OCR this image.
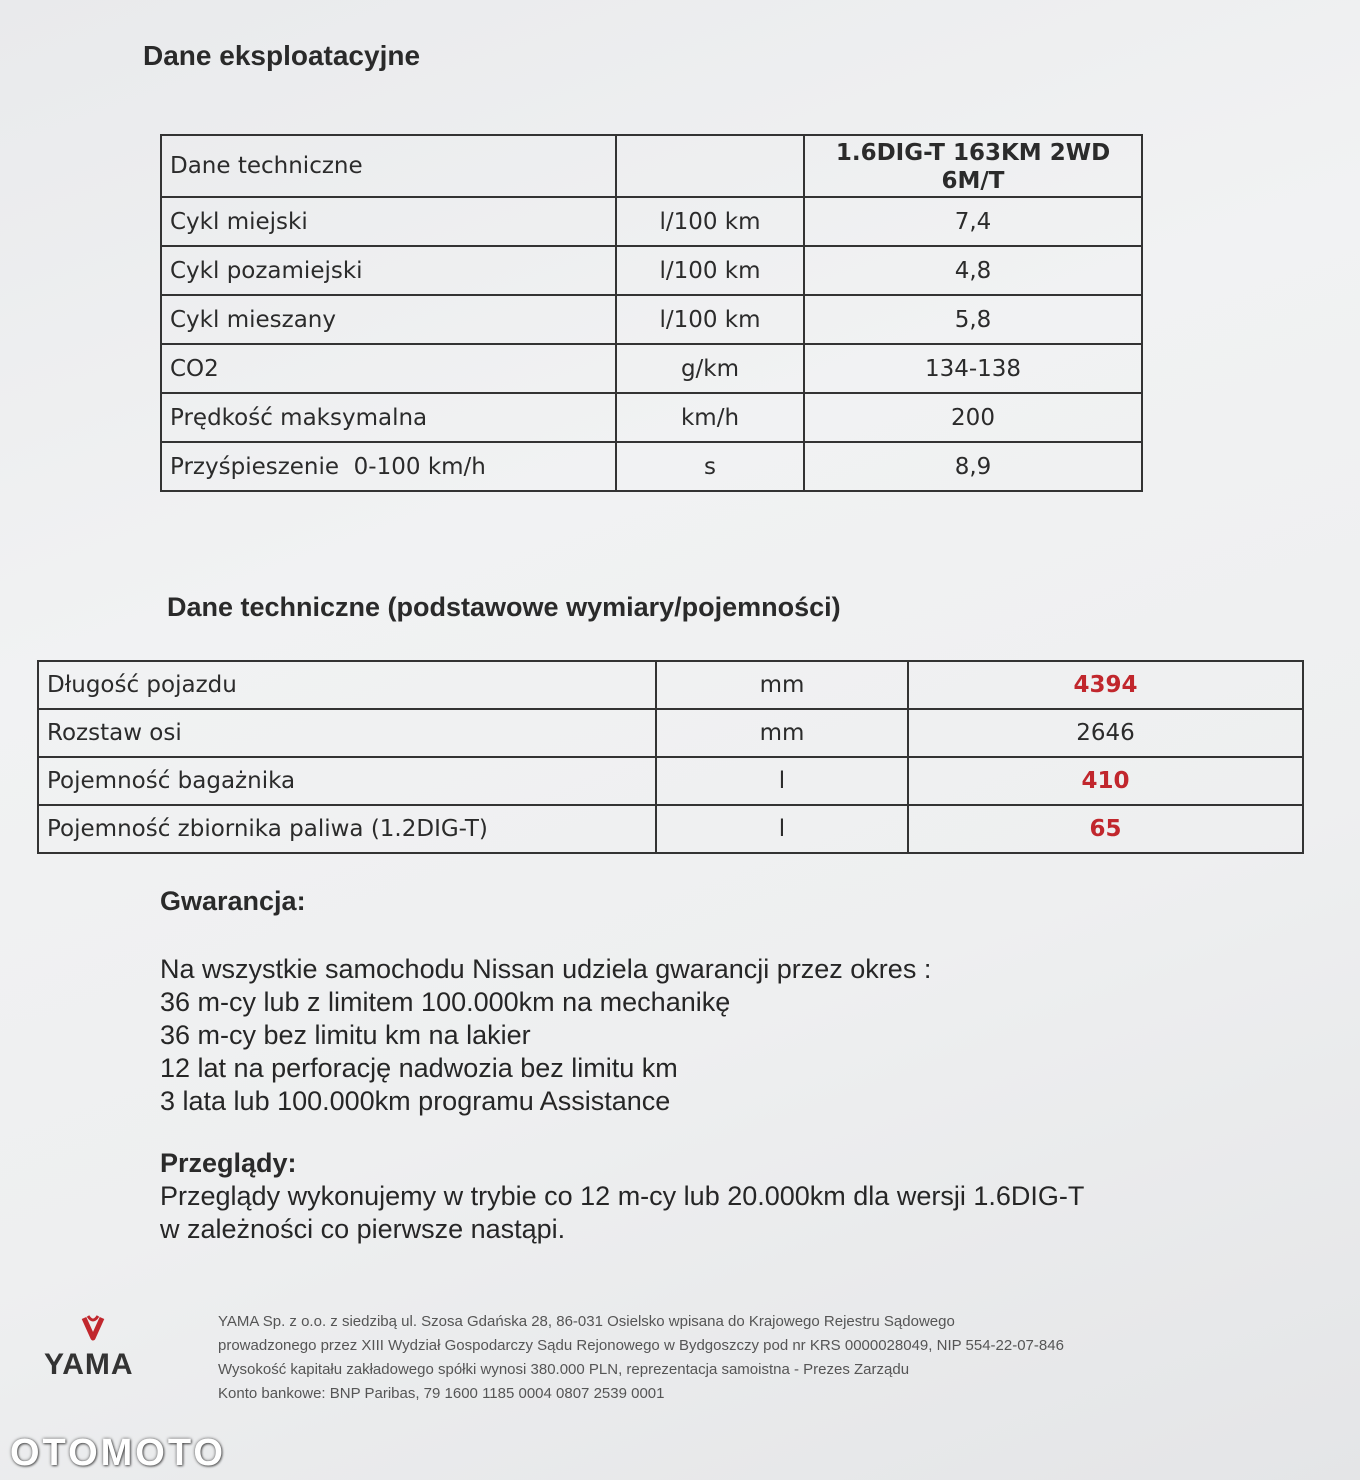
Dane eksploatacyjne
Dane techniczne		1.6DIG-T 163KM 2WD
6M/T

Cykl miejski	l/100 km	7,4
Cykl pozamiejski	l/100 km	4,8
Cykl mieszany	l/100 km	5,8
CO2	g/km	134-138
Prędkość maksymalna	km/h	200
Przyśpieszenie  0-100 km/h	s	8,9
Dane techniczne (podstawowe wymiary/pojemności)
Długość pojazdu	mm	4394
Rozstaw osi	mm	2646
Pojemność bagażnika	l	410
Pojemność zbiornika paliwa (1.2DIG-T)	l	65
Gwarancja:
Na wszystkie samochodu Nissan udziela gwarancji przez okres :
36 m-cy lub z limitem 100.000km na mechanikę
36 m-cy bez limitu km na lakier
12 lat na perforację nadwozia bez limitu km
3 lata lub 100.000km programu Assistance
Przeglądy:
Przeglądy wykonujemy w trybie co 12 m-cy lub 20.000km dla wersji 1.6DIG-T
w zależności co pierwsze nastąpi.
YAMA
YAMA Sp. z o.o. z siedzibą ul. Szosa Gdańska 28, 86-031 Osielsko wpisana do Krajowego Rejestru Sądowego
prowadzonego przez XIII Wydział Gospodarczy Sądu Rejonowego w Bydgoszczy pod nr KRS 0000028049, NIP 554-22-07-846
Wysokość kapitału zakładowego spółki wynosi 380.000 PLN, reprezentacja samoistna - Prezes Zarządu
Konto bankowe: BNP Paribas, 79 1600 1185 0004 0807 2539 0001
OTOMOTO
